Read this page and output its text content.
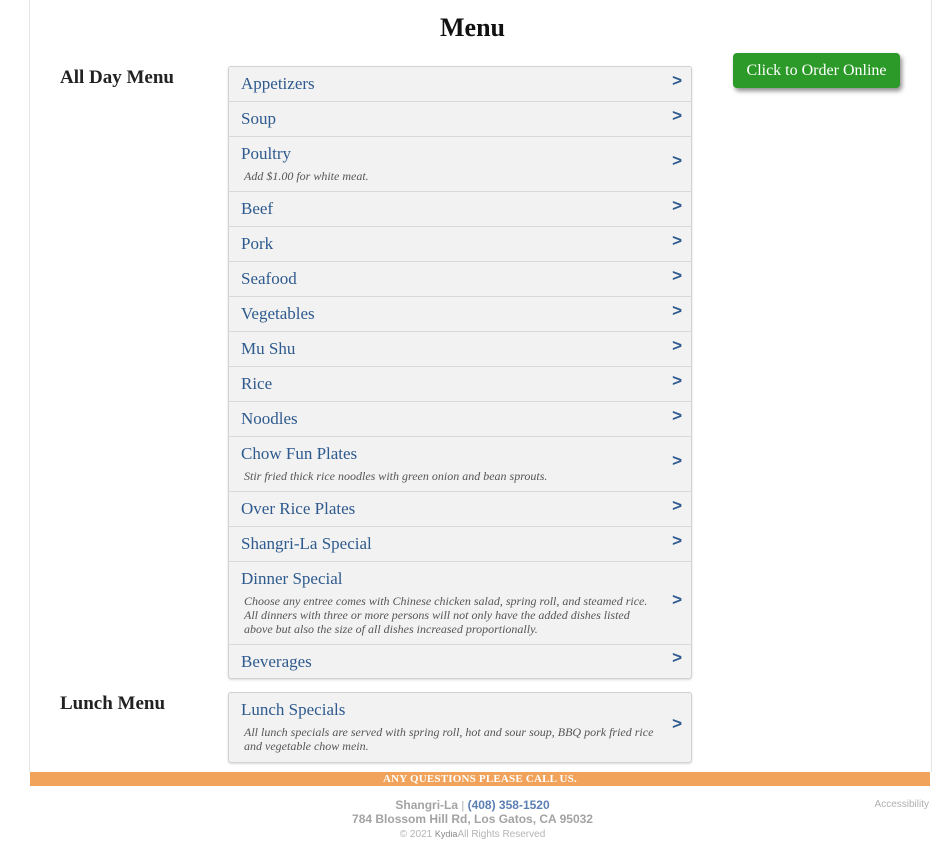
Menu
All Day Menu	Click to Order Online
Appetizers	>
Soup	>
Poultry
Add $1.00 for white meat.
>
Beef	>
Pork	>
Seafood	>
Vegetables	>
Mu Shu	>
Rice	>
Noodles	>
Chow Fun Plates
Stir fried thick rice noodles with green onion and bean sprouts.
>
Over Rice Plates	>
Shangri-La Special	>
Dinner Special
Choose any entree comes with Chinese chicken salad, spring roll, and steamed rice. All dinners with three or more persons will not only have the added dishes listed above but also the size of all dishes increased proportionally.
>
Beverages	>
Lunch Menu	Lunch Specials
All lunch specials are served with spring roll, hot and sour soup, BBQ pork fried rice and vegetable chow mein.
>
ANY QUESTIONS PLEASE CALL US.
Shangri-La | (408) 358-1520
784 Blossom Hill Rd, Los Gatos, CA 95032
© 2021 KydiaAll Rights Reserved
Accessibility
